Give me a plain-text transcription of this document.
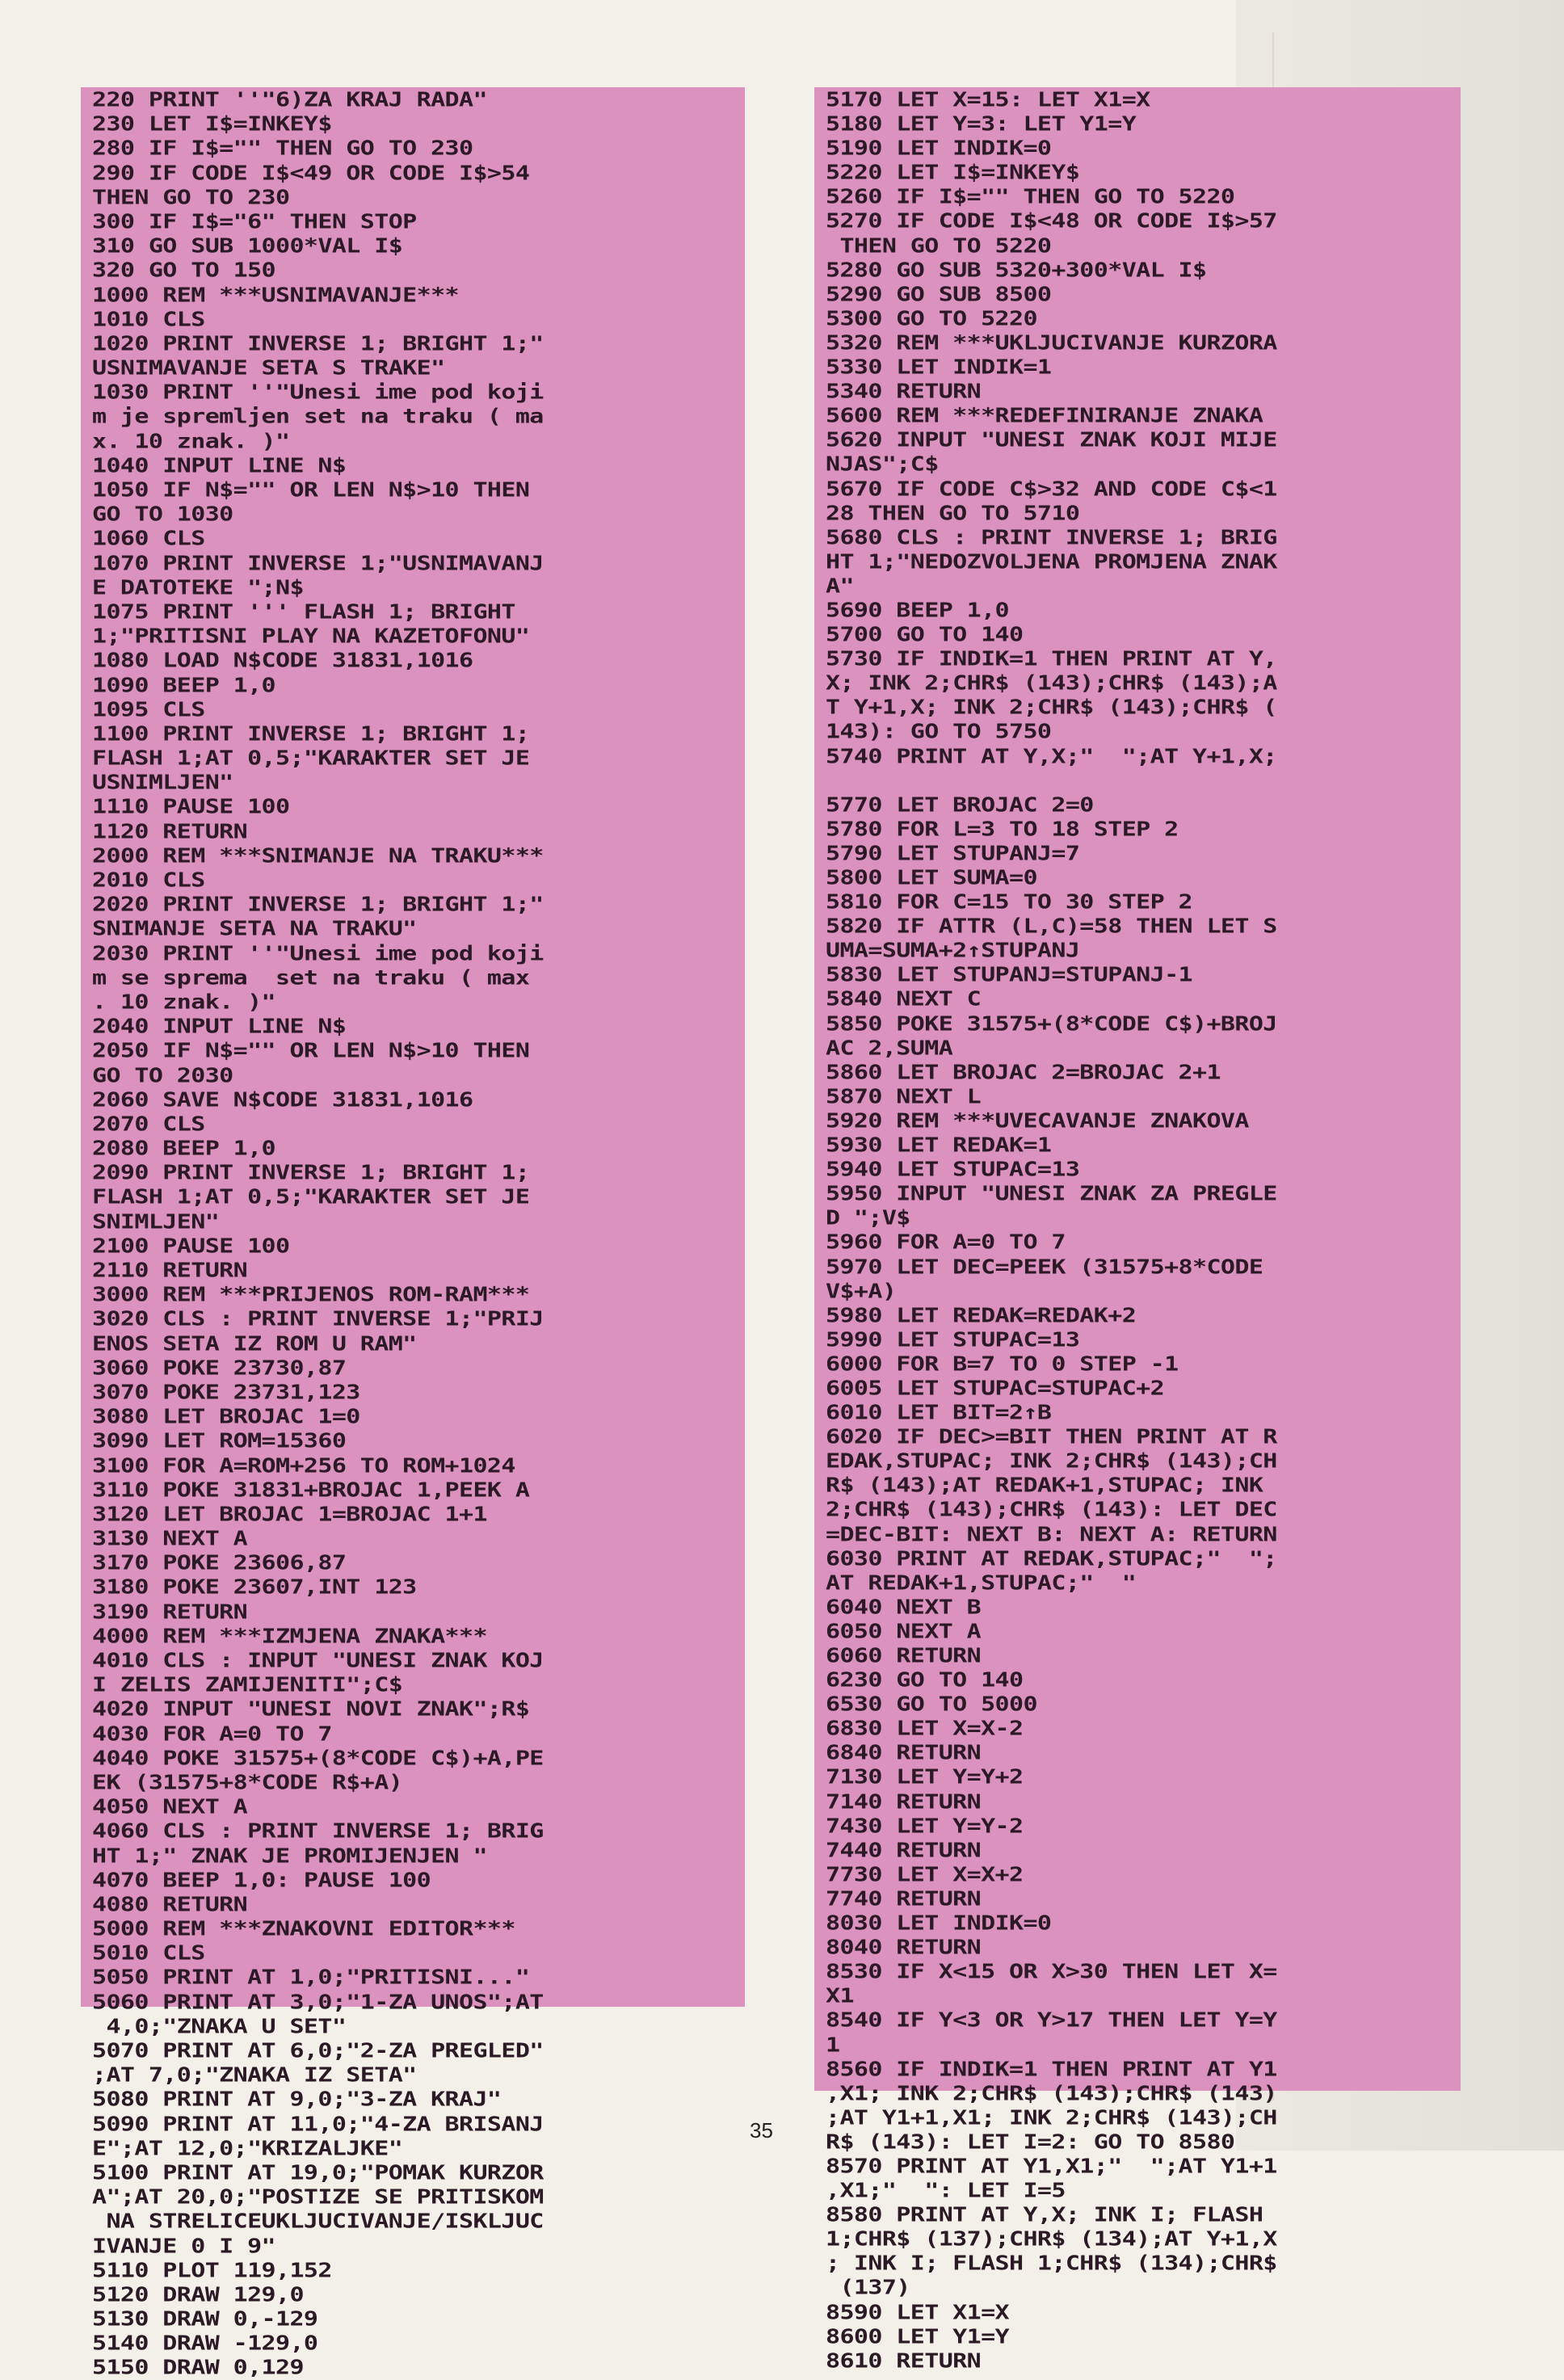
220 PRINT ''"6)ZA KRAJ RADA"
230 LET I$=INKEY$
280 IF I$="" THEN GO TO 230
290 IF CODE I$<49 OR CODE I$>54
THEN GO TO 230
300 IF I$="6" THEN STOP
310 GO SUB 1000*VAL I$
320 GO TO 150
1000 REM ***USNIMAVANJE***
1010 CLS
1020 PRINT INVERSE 1; BRIGHT 1;"
USNIMAVANJE SETA S TRAKE"
1030 PRINT ''"Unesi ime pod koji
m je spremljen set na traku ( ma
x. 10 znak. )"
1040 INPUT LINE N$
1050 IF N$="" OR LEN N$>10 THEN
GO TO 1030
1060 CLS
1070 PRINT INVERSE 1;"USNIMAVANJ
E DATOTEKE ";N$
1075 PRINT ''' FLASH 1; BRIGHT
1;"PRITISNI PLAY NA KAZETOFONU"
1080 LOAD N$CODE 31831,1016
1090 BEEP 1,0
1095 CLS
1100 PRINT INVERSE 1; BRIGHT 1;
FLASH 1;AT 0,5;"KARAKTER SET JE
USNIMLJEN"
1110 PAUSE 100
1120 RETURN
2000 REM ***SNIMANJE NA TRAKU***
2010 CLS
2020 PRINT INVERSE 1; BRIGHT 1;"
SNIMANJE SETA NA TRAKU"
2030 PRINT ''"Unesi ime pod koji
m se sprema  set na traku ( max
. 10 znak. )"
2040 INPUT LINE N$
2050 IF N$="" OR LEN N$>10 THEN
GO TO 2030
2060 SAVE N$CODE 31831,1016
2070 CLS
2080 BEEP 1,0
2090 PRINT INVERSE 1; BRIGHT 1;
FLASH 1;AT 0,5;"KARAKTER SET JE
SNIMLJEN"
2100 PAUSE 100
2110 RETURN
3000 REM ***PRIJENOS ROM-RAM***
3020 CLS : PRINT INVERSE 1;"PRIJ
ENOS SETA IZ ROM U RAM"
3060 POKE 23730,87
3070 POKE 23731,123
3080 LET BROJAC 1=0
3090 LET ROM=15360
3100 FOR A=ROM+256 TO ROM+1024
3110 POKE 31831+BROJAC 1,PEEK A
3120 LET BROJAC 1=BROJAC 1+1
3130 NEXT A
3170 POKE 23606,87
3180 POKE 23607,INT 123
3190 RETURN
4000 REM ***IZMJENA ZNAKA***
4010 CLS : INPUT "UNESI ZNAK KOJ
I ZELIS ZAMIJENITI";C$
4020 INPUT "UNESI NOVI ZNAK";R$
4030 FOR A=0 TO 7
4040 POKE 31575+(8*CODE C$)+A,PE
EK (31575+8*CODE R$+A)
4050 NEXT A
4060 CLS : PRINT INVERSE 1; BRIG
HT 1;" ZNAK JE PROMIJENJEN "
4070 BEEP 1,0: PAUSE 100
4080 RETURN
5000 REM ***ZNAKOVNI EDITOR***
5010 CLS
5050 PRINT AT 1,0;"PRITISNI..."
5060 PRINT AT 3,0;"1-ZA UNOS";AT
4,0;"ZNAKA U SET"
5070 PRINT AT 6,0;"2-ZA PREGLED"
;AT 7,0;"ZNAKA IZ SETA"
5080 PRINT AT 9,0;"3-ZA KRAJ"
5090 PRINT AT 11,0;"4-ZA BRISANJ
E";AT 12,0;"KRIZALJKE"
5100 PRINT AT 19,0;"POMAK KURZOR
A";AT 20,0;"POSTIZE SE PRITISKOM
NA STRELICEUKLJUCIVANJE/ISKLJUC
IVANJE 0 I 9"
5110 PLOT 119,152
5120 DRAW 129,0
5130 DRAW 0,-129
5140 DRAW -129,0
5150 DRAW 0,129
5170 LET X=15: LET X1=X
5180 LET Y=3: LET Y1=Y
5190 LET INDIK=0
5220 LET I$=INKEY$
5260 IF I$="" THEN GO TO 5220
5270 IF CODE I$<48 OR CODE I$>57
THEN GO TO 5220
5280 GO SUB 5320+300*VAL I$
5290 GO SUB 8500
5300 GO TO 5220
5320 REM ***UKLJUCIVANJE KURZORA
5330 LET INDIK=1
5340 RETURN
5600 REM ***REDEFINIRANJE ZNAKA
5620 INPUT "UNESI ZNAK KOJI MIJE
NJAS";C$
5670 IF CODE C$>32 AND CODE C$<1
28 THEN GO TO 5710
5680 CLS : PRINT INVERSE 1; BRIG
HT 1;"NEDOZVOLJENA PROMJENA ZNAK
A"
5690 BEEP 1,0
5700 GO TO 140
5730 IF INDIK=1 THEN PRINT AT Y,
X; INK 2;CHR$ (143);CHR$ (143);A
T Y+1,X; INK 2;CHR$ (143);CHR$ (
143): GO TO 5750
5740 PRINT AT Y,X;"  ";AT Y+1,X;
5770 LET BROJAC 2=0
5780 FOR L=3 TO 18 STEP 2
5790 LET STUPANJ=7
5800 LET SUMA=0
5810 FOR C=15 TO 30 STEP 2
5820 IF ATTR (L,C)=58 THEN LET S
UMA=SUMA+2↑STUPANJ
5830 LET STUPANJ=STUPANJ-1
5840 NEXT C
5850 POKE 31575+(8*CODE C$)+BROJ
AC 2,SUMA
5860 LET BROJAC 2=BROJAC 2+1
5870 NEXT L
5920 REM ***UVECAVANJE ZNAKOVA
5930 LET REDAK=1
5940 LET STUPAC=13
5950 INPUT "UNESI ZNAK ZA PREGLE
D ";V$
5960 FOR A=0 TO 7
5970 LET DEC=PEEK (31575+8*CODE
V$+A)
5980 LET REDAK=REDAK+2
5990 LET STUPAC=13
6000 FOR B=7 TO 0 STEP -1
6005 LET STUPAC=STUPAC+2
6010 LET BIT=2↑B
6020 IF DEC>=BIT THEN PRINT AT R
EDAK,STUPAC; INK 2;CHR$ (143);CH
R$ (143);AT REDAK+1,STUPAC; INK
2;CHR$ (143);CHR$ (143): LET DEC
=DEC-BIT: NEXT B: NEXT A: RETURN
6030 PRINT AT REDAK,STUPAC;"  ";
AT REDAK+1,STUPAC;"  "
6040 NEXT B
6050 NEXT A
6060 RETURN
6230 GO TO 140
6530 GO TO 5000
6830 LET X=X-2
6840 RETURN
7130 LET Y=Y+2
7140 RETURN
7430 LET Y=Y-2
7440 RETURN
7730 LET X=X+2
7740 RETURN
8030 LET INDIK=0
8040 RETURN
8530 IF X<15 OR X>30 THEN LET X=
X1
8540 IF Y<3 OR Y>17 THEN LET Y=Y
1
8560 IF INDIK=1 THEN PRINT AT Y1
,X1; INK 2;CHR$ (143);CHR$ (143)
;AT Y1+1,X1; INK 2;CHR$ (143);CH
R$ (143): LET I=2: GO TO 8580
8570 PRINT AT Y1,X1;"  ";AT Y1+1
,X1;"  ": LET I=5
8580 PRINT AT Y,X; INK I; FLASH
1;CHR$ (137);CHR$ (134);AT Y+1,X
; INK I; FLASH 1;CHR$ (134);CHR$
(137)
8590 LET X1=X
8600 LET Y1=Y
8610 RETURN
35
